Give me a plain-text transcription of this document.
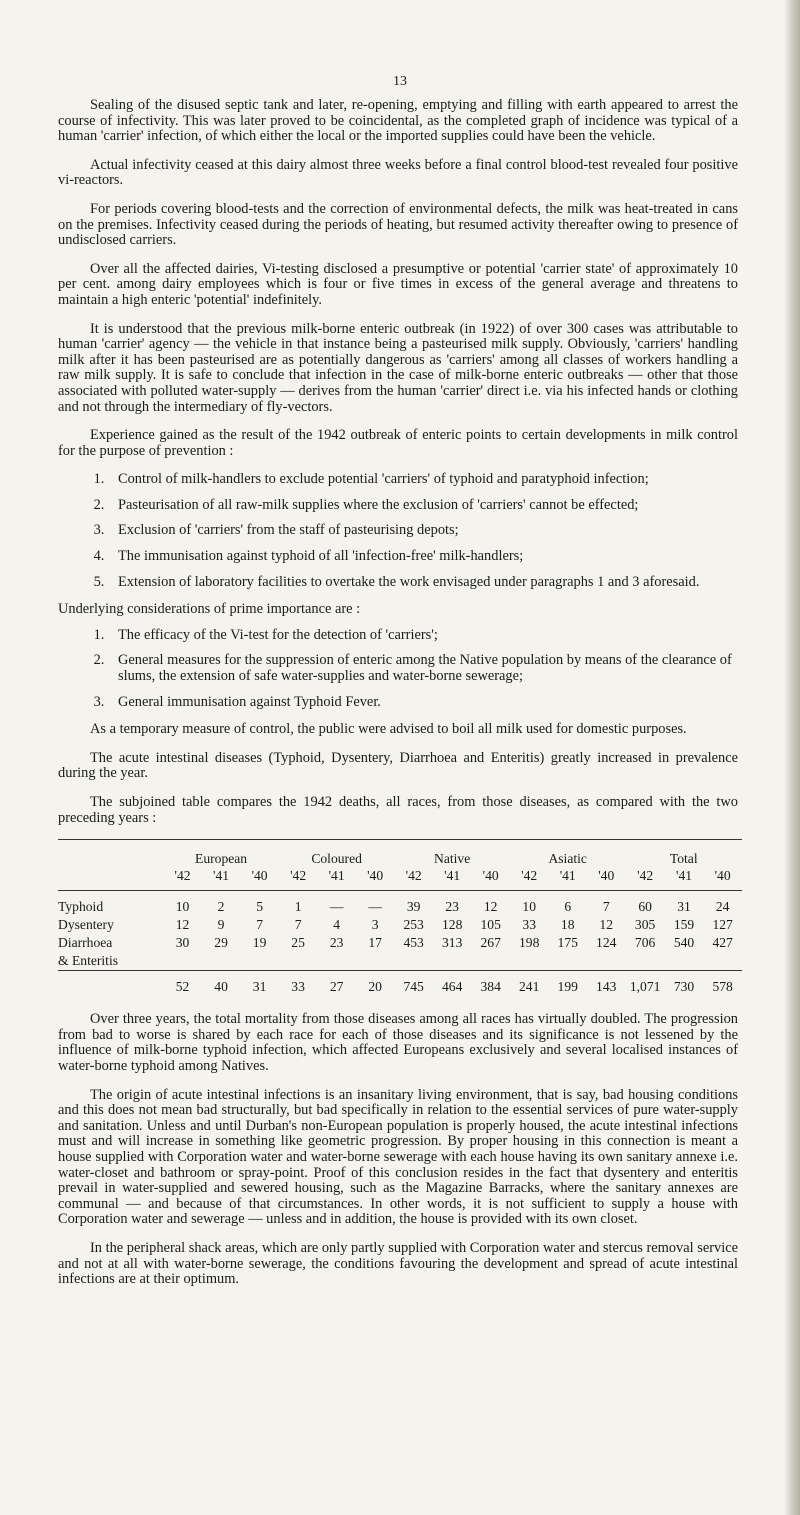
13

Sealing of the disused septic tank and later, re-opening, emptying and filling with earth appeared to arrest the course of infectivity. This was later proved to be coincidental, as the completed graph of incidence was typical of a human 'carrier' infection, of which either the local or the imported supplies could have been the vehicle.

Actual infectivity ceased at this dairy almost three weeks before a final control blood-test revealed four positive vi-reactors.

For periods covering blood-tests and the correction of environmental defects, the milk was heat-treated in cans on the premises. Infectivity ceased during the periods of heating, but resumed activity thereafter owing to presence of undisclosed carriers.

Over all the affected dairies, Vi-testing disclosed a presumptive or potential 'carrier state' of approximately 10 per cent. among dairy employees which is four or five times in excess of the general average and threatens to maintain a high enteric 'potential' indefinitely.

It is understood that the previous milk-borne enteric outbreak (in 1922) of over 300 cases was attributable to human 'carrier' agency — the vehicle in that instance being a pasteurised milk supply. Obviously, 'carriers' handling milk after it has been pasteurised are as potentially dangerous as 'carriers' among all classes of workers handling a raw milk supply. It is safe to conclude that infection in the case of milk-borne enteric outbreaks — other that those associated with polluted water-supply — derives from the human 'carrier' direct i.e. via his infected hands or clothing and not through the intermediary of fly-vectors.

Experience gained as the result of the 1942 outbreak of enteric points to certain developments in milk control for the purpose of prevention :

1. Control of milk-handlers to exclude potential 'carriers' of typhoid and paratyphoid infection;
2. Pasteurisation of all raw-milk supplies where the exclusion of 'carriers' cannot be effected;
3. Exclusion of 'carriers' from the staff of pasteurising depots;
4. The immunisation against typhoid of all 'infection-free' milk-handlers;
5. Extension of laboratory facilities to overtake the work envisaged under paragraphs 1 and 3 aforesaid.

Underlying considerations of prime importance are :

1. The efficacy of the Vi-test for the detection of 'carriers';
2. General measures for the suppression of enteric among the Native population by means of the clearance of slums, the extension of safe water-supplies and water-borne sewerage;
3. General immunisation against Typhoid Fever.

As a temporary measure of control, the public were advised to boil all milk used for domestic purposes.

The acute intestinal diseases (Typhoid, Dysentery, Diarrhoea and Enteritis) greatly increased in prevalence during the year.

The subjoined table compares the 1942 deaths, all races, from those diseases, as compared with the two preceding years :

	European			Coloured			Native			Asiatic			Total		
	'42	'41	'40	'42	'41	'40	'42	'41	'40	'42	'41	'40	'42	'41	'40
Typhoid	10	2	5	1	—	—	39	23	12	10	6	7	60	31	24
Dysentery	12	9	7	7	4	3	253	128	105	33	18	12	305	159	127
Diarrhoea	30	29	19	25	23	17	453	313	267	198	175	124	706	540	427
& Enteritis															
	52	40	31	33	27	20	745	464	384	241	199	143	1,071	730	578

Over three years, the total mortality from those diseases among all races has virtually doubled. The progression from bad to worse is shared by each race for each of those diseases and its significance is not lessened by the influence of milk-borne typhoid infection, which affected Europeans exclusively and several localised instances of water-borne typhoid among Natives.

The origin of acute intestinal infections is an insanitary living environment, that is say, bad housing conditions and this does not mean bad structurally, but bad specifically in relation to the essential services of pure water-supply and sanitation. Unless and until Durban's non-European population is properly housed, the acute intestinal infections must and will increase in something like geometric progression. By proper housing in this connection is meant a house supplied with Corporation water and water-borne sewerage with each house having its own sanitary annexe i.e. water-closet and bathroom or spray-point. Proof of this conclusion resides in the fact that dysentery and enteritis prevail in water-supplied and sewered housing, such as the Magazine Barracks, where the sanitary annexes are communal — and because of that circumstances. In other words, it is not sufficient to supply a house with Corporation water and sewerage — unless and in addition, the house is provided with its own closet.

In the peripheral shack areas, which are only partly supplied with Corporation water and stercus removal service and not at all with water-borne sewerage, the conditions favouring the development and spread of acute intestinal infections are at their optimum.
